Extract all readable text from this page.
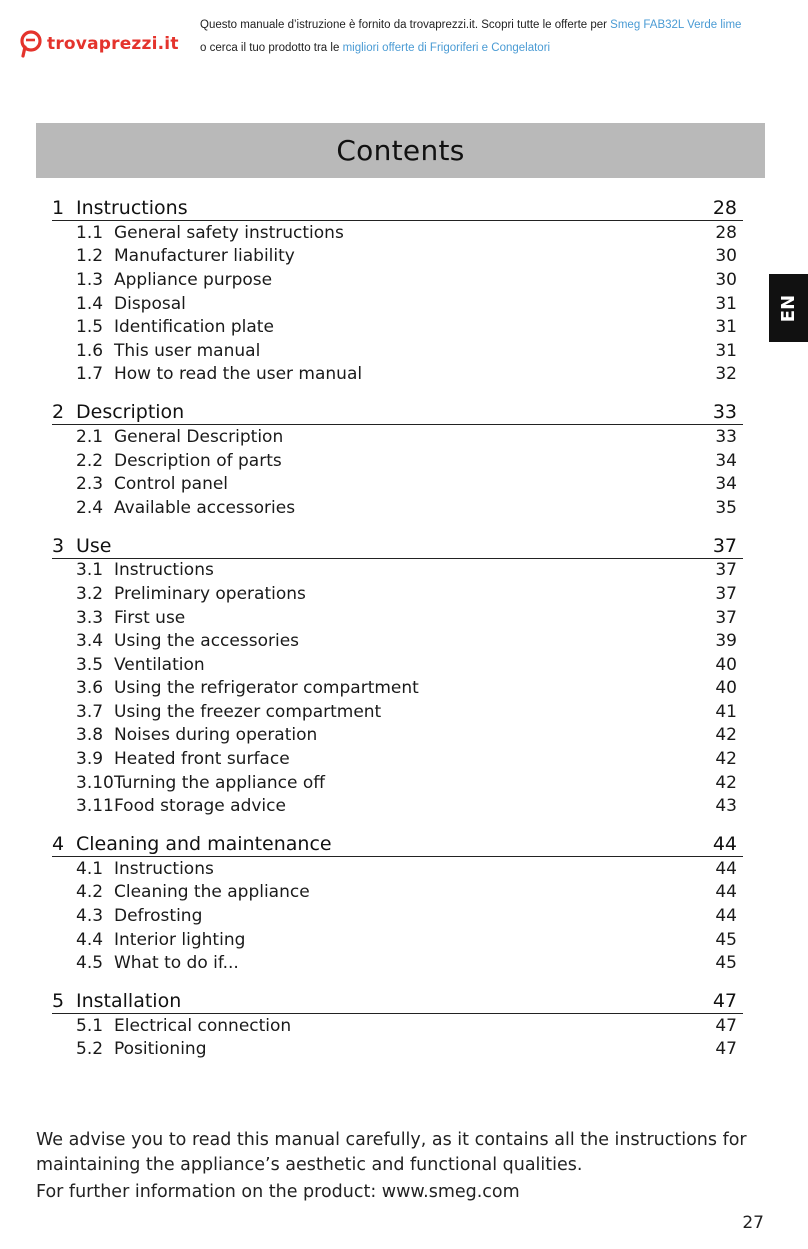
trovaprezzi.it
Questo manuale d’istruzione è fornito da trovaprezzi.it. Scopri tutte le offerte per Smeg FAB32L Verde lime
o cerca il tuo prodotto tra le migliori offerte di Frigoriferi e Congelatori
Contents
EN
1 Instructions	28
1.1 General safety instructions	28
1.2 Manufacturer liability	30
1.3 Appliance purpose	30
1.4 Disposal	31
1.5 Identification plate	31
1.6 This user manual	31
1.7 How to read the user manual	32
2 Description	33
2.1 General Description	33
2.2 Description of parts	34
2.3 Control panel	34
2.4 Available accessories	35
3 Use	37
3.1 Instructions	37
3.2 Preliminary operations	37
3.3 First use	37
3.4 Using the accessories	39
3.5 Ventilation	40
3.6 Using the refrigerator compartment	40
3.7 Using the freezer compartment	41
3.8 Noises during operation	42
3.9 Heated front surface	42
3.10 Turning the appliance off	42
3.11 Food storage advice	43
4 Cleaning and maintenance	44
4.1 Instructions	44
4.2 Cleaning the appliance	44
4.3 Defrosting	44
4.4 Interior lighting	45
4.5 What to do if...	45
5 Installation	47
5.1 Electrical connection	47
5.2 Positioning	47

We advise you to read this manual carefully, as it contains all the instructions for maintaining the appliance’s aesthetic and functional qualities.

For further information on the product: www.smeg.com

27
